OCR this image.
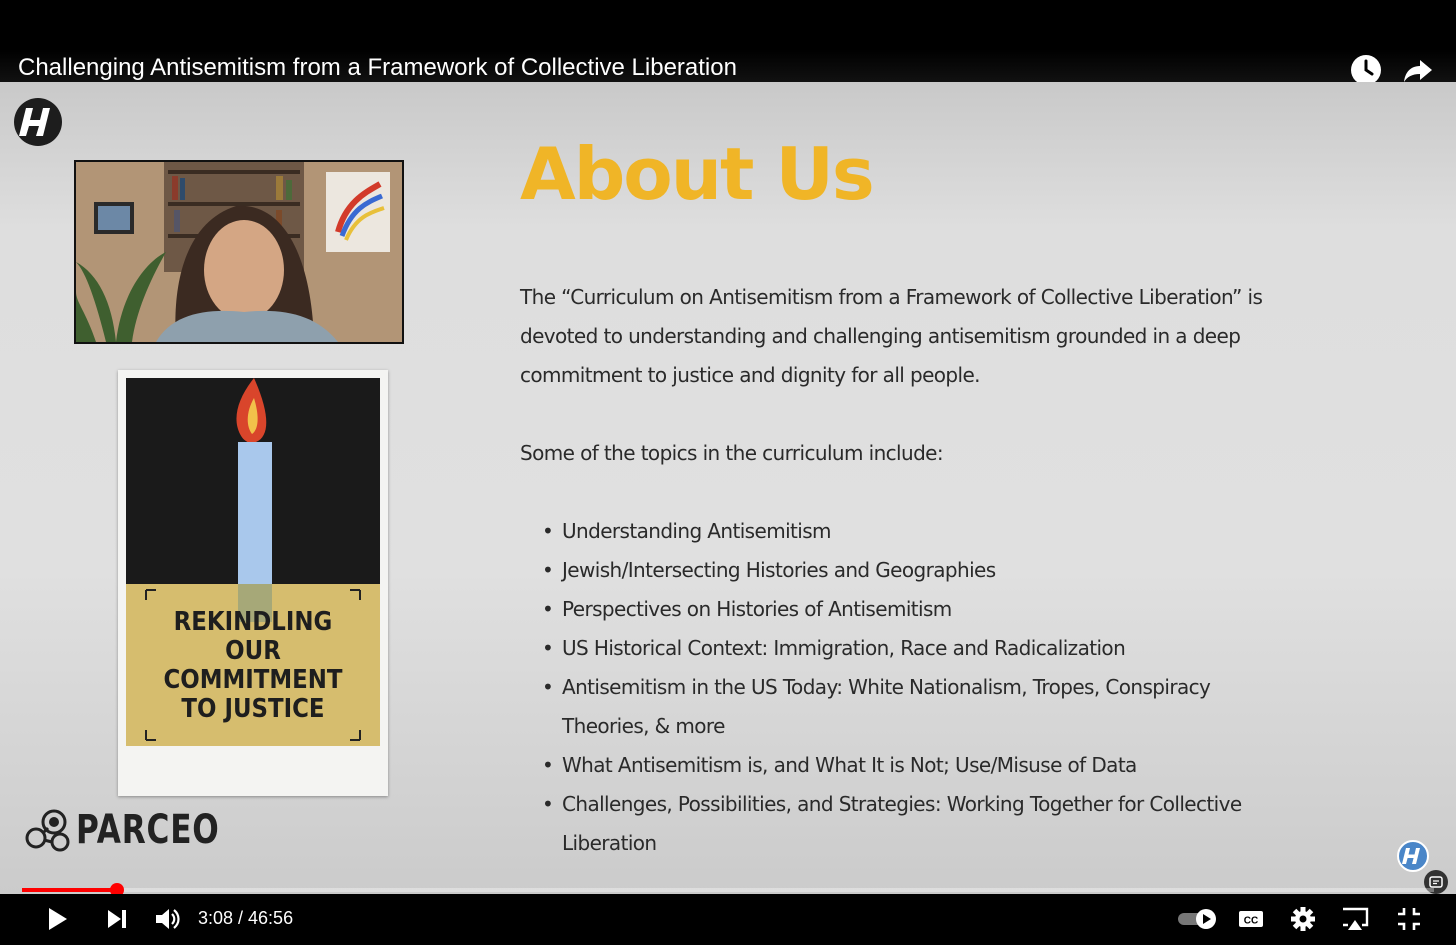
Challenging Antisemitism from a Framework of Collective Liberation
REKINDLING
OUR
COMMITMENT
TO JUSTICE
PARCEO
About Us

The “Curriculum on Antisemitism from a Framework of Collective Liberation” is

devoted to understanding and challenging antisemitism grounded in a deep

commitment to justice and dignity for all people.

Some of the topics in the curriculum include:
• Understanding Antisemitism
• Jewish/Intersecting Histories and Geographies
• Perspectives on Histories of Antisemitism
• US Historical Context: Immigration, Race and Radicalization
• Antisemitism in the US Today: White Nationalism, Tropes, Conspiracy Theories, & more
• What Antisemitism is, and What It is Not; Use/Misuse of Data
• Challenges, Possibilities, and Strategies: Working Together for Collective Liberation
3:08 / 46:56	CC
